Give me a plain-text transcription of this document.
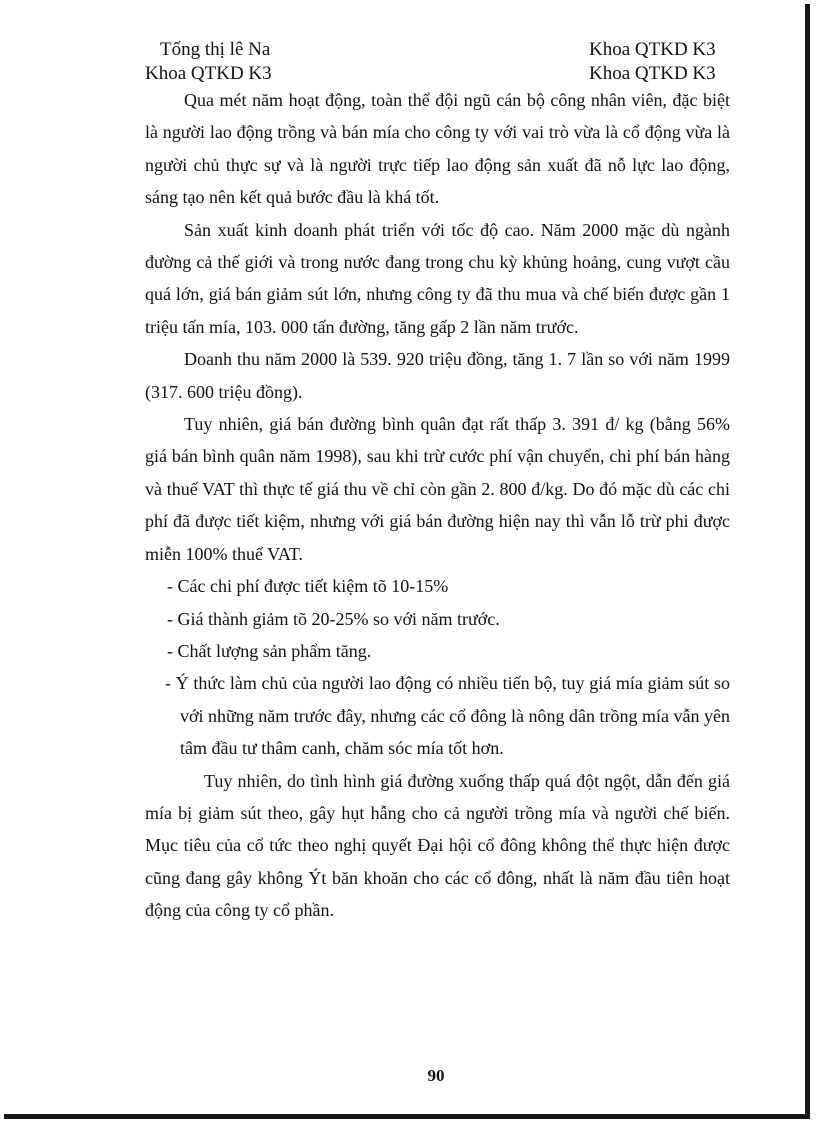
Tống thị lê Na
Khoa QTKD K3
Khoa QTKD K3
Khoa QTKD K3

Qua mét năm hoạt động, toàn thể đội ngũ cán bộ công nhân viên, đặc biệt là người lao động trồng và bán mía cho công ty với vai trò vừa là cổ động vừa là người chủ thực sự và là người trực tiếp lao động sản xuất đã nỗ lực lao động, sáng tạo nên kết quả bước đầu là khá tốt.

Sản xuất kinh doanh phát triển với tốc độ cao. Năm 2000 mặc dù ngành đường cả thế giới và trong nước đang trong chu kỳ khủng hoảng, cung vượt cầu quá lớn, giá bán giảm sút lớn, nhưng công ty đã thu mua và chế biến được gần 1 triệu tấn mía, 103. 000 tấn đường, tăng gấp 2 lần năm trước.

Doanh thu năm 2000 là 539. 920 triệu đồng, tăng 1. 7 lần so với năm 1999 (317. 600 triệu đồng).

Tuy nhiên, giá bán đường bình quân đạt rất thấp 3. 391 đ/ kg (bằng 56% giá bán bình quân năm 1998), sau khi trừ cước phí vận chuyển, chi phí bán hàng và thuế VAT thì thực tế giá thu về chỉ còn gần 2. 800 đ/kg. Do đó mặc dù các chi phí đã được tiết kiệm, nhưng với giá bán đường hiện nay thì vẫn lỗ trừ phi được miễn 100% thuế VAT.

- Các chi phí được tiết kiệm tõ 10-15%
- Giá thành giảm tõ 20-25% so với năm trước.
- Chất lượng sản phẩm tăng.

- Ý thức làm chủ của người lao động có nhiều tiến bộ, tuy giá mía giảm sút so với những năm trước đây, nhưng các cổ đông là nông dân trồng mía vẫn yên tâm đầu tư thâm canh, chăm sóc mía tốt hơn.

Tuy nhiên, do tình hình giá đường xuống thấp quá đột ngột, dẫn đến giá mía bị giảm sút theo, gây hụt hẫng cho cả người trồng mía và người chế biến. Mục tiêu của cổ tức theo nghị quyết Đại hội cổ đông không thể thực hiện được cũng đang gây không Ýt băn khoăn cho các cổ đông, nhất là năm đầu tiên hoạt động của công ty cổ phần.

90
